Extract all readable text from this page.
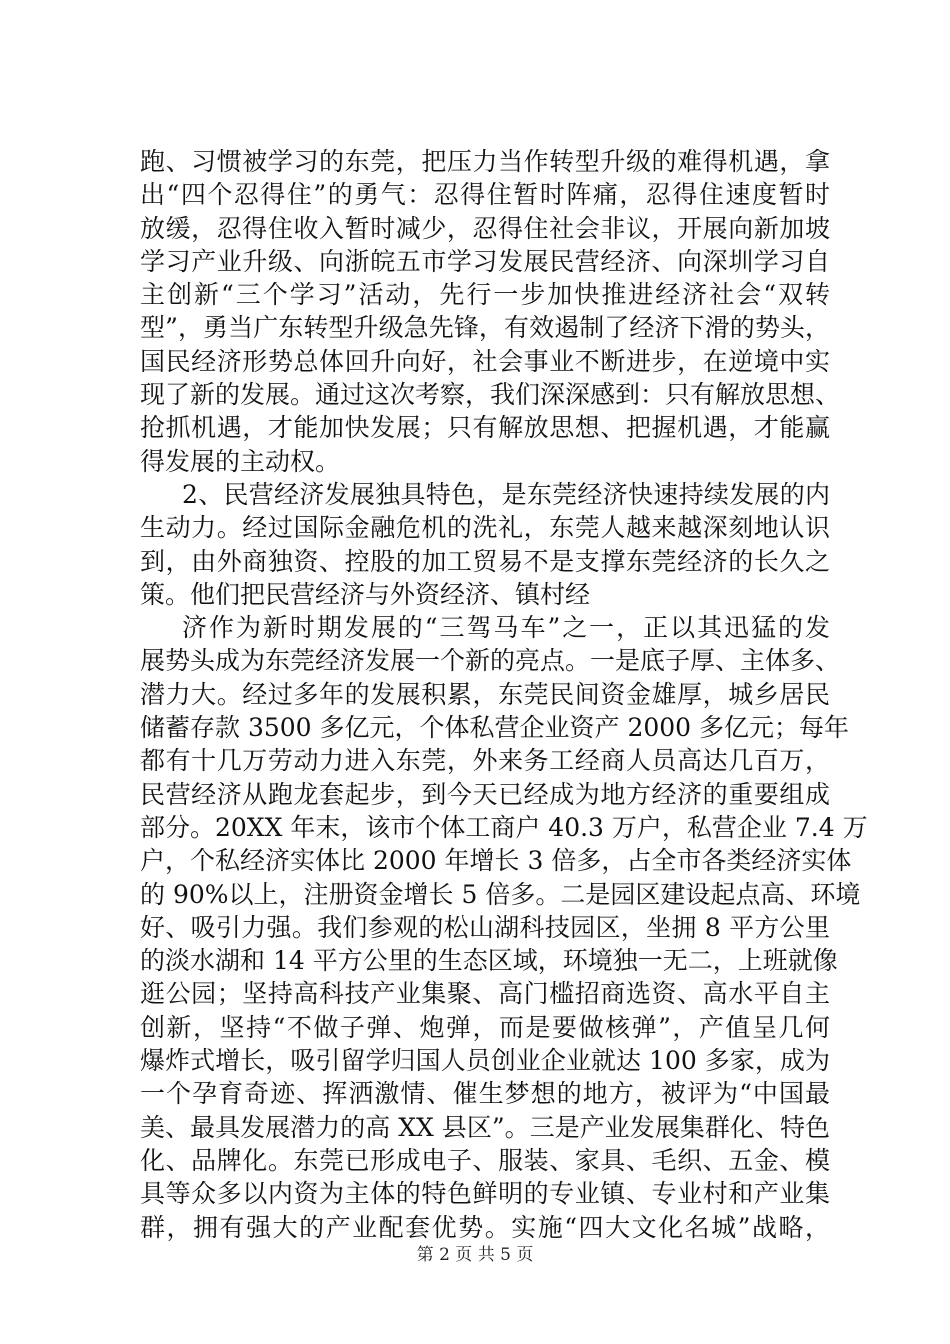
跑、习惯被学习的东莞，把压力当作转型升级的难得机遇，拿
出“四个忍得住”的勇气：忍得住暂时阵痛，忍得住速度暂时
放缓，忍得住收入暂时减少，忍得住社会非议，开展向新加坡
学习产业升级、向浙皖五市学习发展民营经济、向深圳学习自
主创新“三个学习”活动，先行一步加快推进经济社会“双转
型”，勇当广东转型升级急先锋，有效遏制了经济下滑的势头，
国民经济形势总体回升向好，社会事业不断进步，在逆境中实
现了新的发展。通过这次考察，我们深深感到：只有解放思想、
抢抓机遇，才能加快发展；只有解放思想、把握机遇，才能赢
得发展的主动权。
2、民营经济发展独具特色，是东莞经济快速持续发展的内
生动力。经过国际金融危机的洗礼，东莞人越来越深刻地认识
到，由外商独资、控股的加工贸易不是支撑东莞经济的长久之
策。他们把民营经济与外资经济、镇村经
济作为新时期发展的“三驾马车”之一，正以其迅猛的发
展势头成为东莞经济发展一个新的亮点。一是底子厚、主体多、
潜力大。经过多年的发展积累，东莞民间资金雄厚，城乡居民
储蓄存款 3500 多亿元，个体私营企业资产 2000 多亿元；每年
都有十几万劳动力进入东莞，外来务工经商人员高达几百万，
民营经济从跑龙套起步，到今天已经成为地方经济的重要组成
部分。20XX 年末，该市个体工商户 40.3 万户，私营企业 7.4 万
户，个私经济实体比 2000 年增长 3 倍多，占全市各类经济实体
的 90%以上，注册资金增长 5 倍多。二是园区建设起点高、环境
好、吸引力强。我们参观的松山湖科技园区，坐拥 8 平方公里
的淡水湖和 14 平方公里的生态区域，环境独一无二，上班就像
逛公园；坚持高科技产业集聚、高门槛招商选资、高水平自主
创新，坚持“不做子弹、炮弹，而是要做核弹”，产值呈几何
爆炸式增长，吸引留学归国人员创业企业就达 100 多家，成为
一个孕育奇迹、挥洒激情、催生梦想的地方，被评为“中国最
美、最具发展潜力的高 XX 县区”。三是产业发展集群化、特色
化、品牌化。东莞已形成电子、服装、家具、毛织、五金、模
具等众多以内资为主体的特色鲜明的专业镇、专业村和产业集
群，拥有强大的产业配套优势。实施“四大文化名城”战略，
第 2 页 共 5 页
